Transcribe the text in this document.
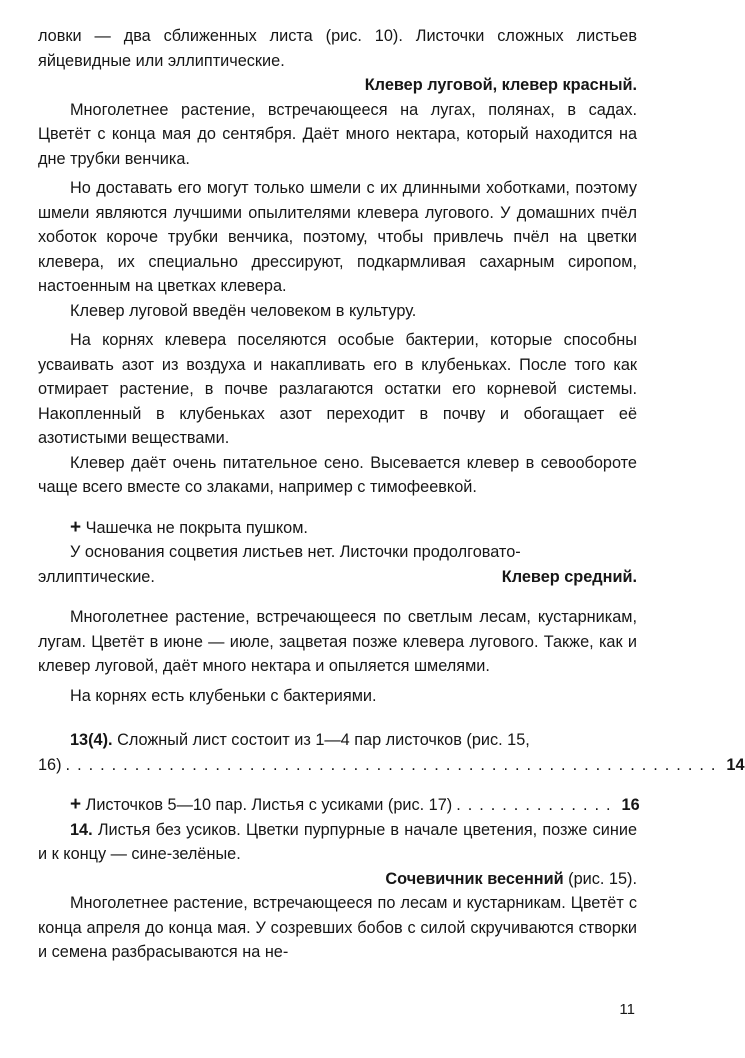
ловки — два сближенных листа (рис. 10). Листочки сложных листьев яйцевидные или эллиптические.

Клевер луговой, клевер красный.

Многолетнее растение, встречающееся на лугах, полянах, в садах. Цветёт с конца мая до сентября. Даёт много нектара, который находится на дне трубки венчика.

Но доставать его могут только шмели с их длинными хоботками, поэтому шмели являются лучшими опылителями клевера лугового. У домашних пчёл хоботок короче трубки венчика, поэтому, чтобы привлечь пчёл на цветки клевера, их специально дрессируют, подкармливая сахарным сиропом, настоенным на цветках клевера.

Клевер луговой введён человеком в культуру.

На корнях клевера поселяются особые бактерии, которые способны усваивать азот из воздуха и накапливать его в клубеньках. После того как отмирает растение, в почве разлагаются остатки его корневой системы. Накопленный в клубеньках азот переходит в почву и обогащает её азотистыми веществами.

Клевер даёт очень питательное сено. Высевается клевер в севообороте чаще всего вместе со злаками, например с тимофеевкой.

+ Чашечка не покрыта пушком.

У основания соцветия листьев нет. Листочки продолговато-

эллиптические.	Клевер средний.

Многолетнее растение, встречающееся по светлым лесам, кустарникам, лугам. Цветёт в июне — июле, зацветая позже клевера лугового. Также, как и клевер луговой, даёт много нектара и опыляется шмелями.

На корнях есть клубеньки с бактериями.

13(4). Сложный лист состоит из 1—4 пар листочков (рис. 15,

16) ......................................................... 14
+ Листочков 5—10 пар. Листья с усиками (рис. 17) .............. 16

14. Листья без усиков. Цветки пурпурные в начале цветения, позже синие и к концу — сине-зелёные.

Сочевичник весенний (рис. 15).

Многолетнее растение, встречающееся по лесам и кустарникам. Цветёт с конца апреля до конца мая. У созревших бобов с силой скручиваются створки и семена разбрасываются на не-

11
